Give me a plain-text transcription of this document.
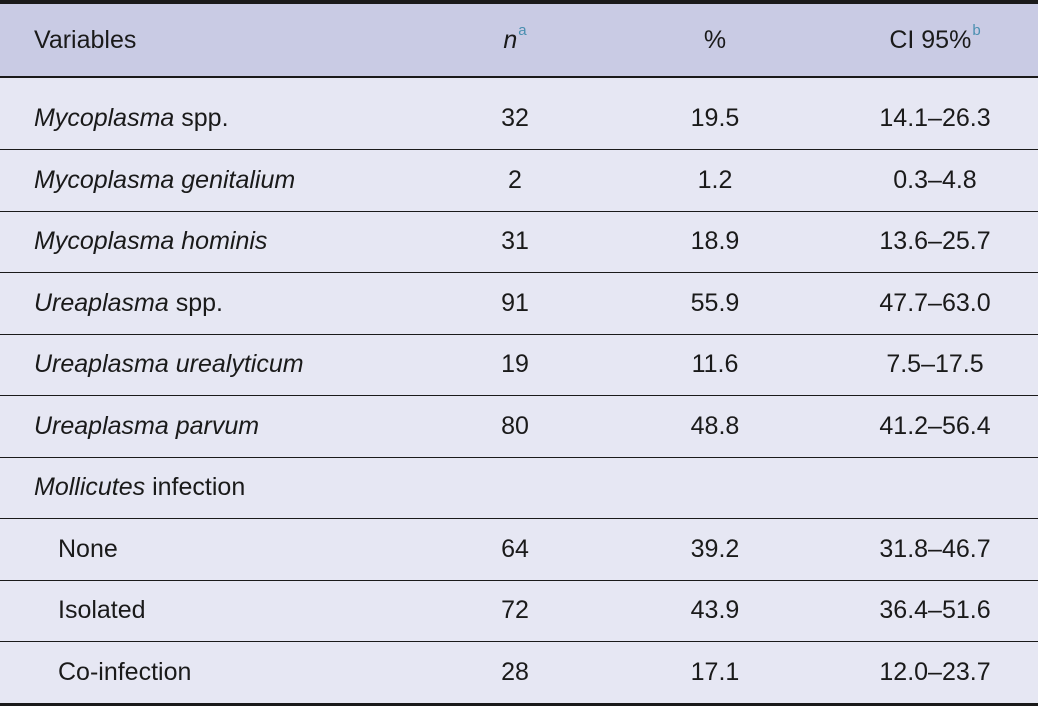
Variables	n a	%	CI 95% b
Mycoplasma spp.	32	19.5	14.1–26.3
Mycoplasma genitalium	2	1.2	0.3–4.8
Mycoplasma hominis	31	18.9	13.6–25.7
Ureaplasma spp.	91	55.9	47.7–63.0
Ureaplasma urealyticum	19	11.6	7.5–17.5
Ureaplasma parvum	80	48.8	41.2–56.4
Mollicutes infection
None	64	39.2	31.8–46.7
Isolated	72	43.9	36.4–51.6
Co-infection	28	17.1	12.0–23.7
